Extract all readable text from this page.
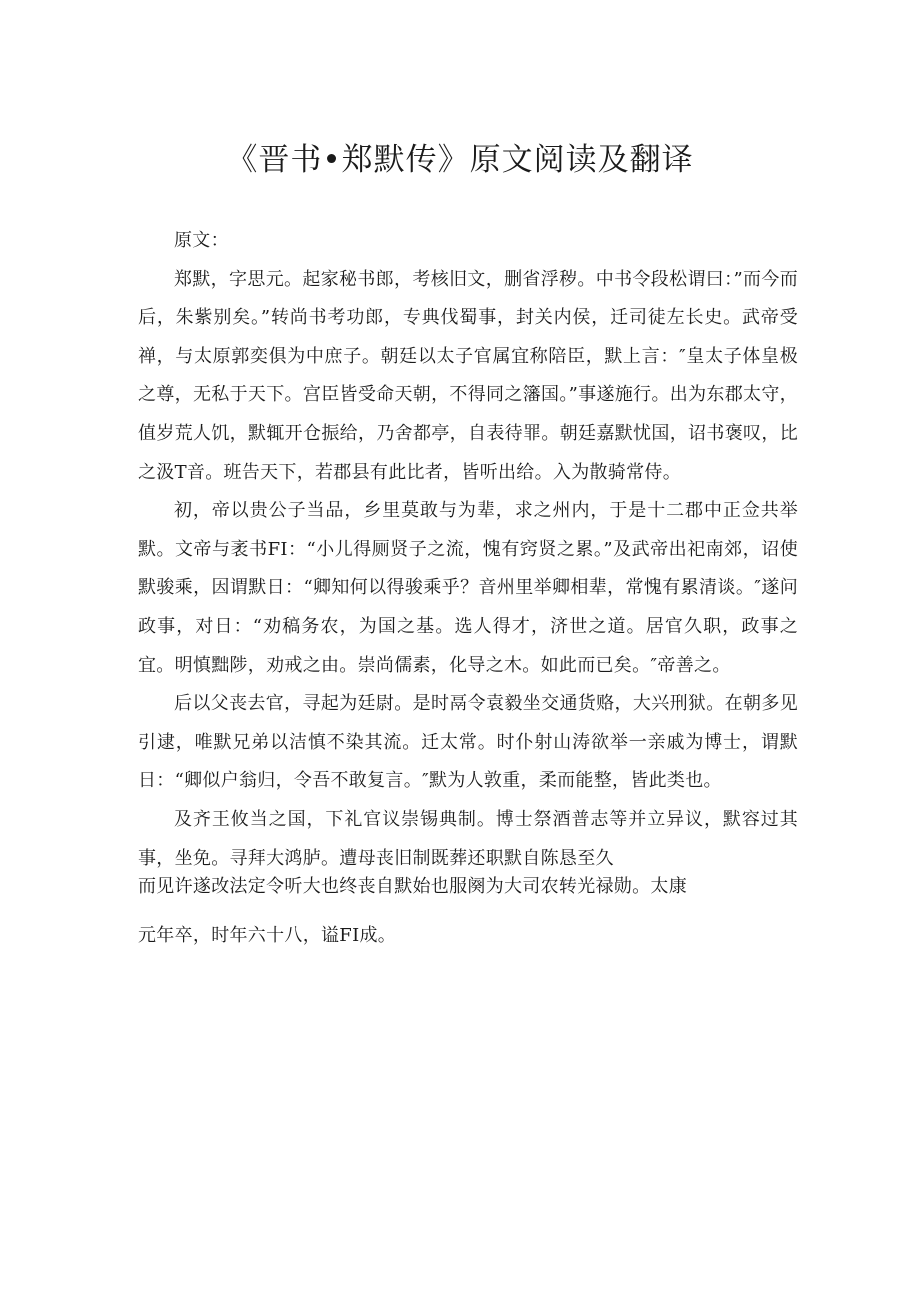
《晋书•郑默传》原文阅读及翻译

原文：

郑默，字思元。起家秘书郎，考核旧文，删省浮秽。中书令段松谓曰：”而今而后，朱紫别矣。”转尚书考功郎，专典伐蜀事，封关内侯，迁司徒左长史。武帝受禅，与太原郭奕俱为中庶子。朝廷以太子官属宜称陪臣，默上言：″皇太子体皇极之尊，无私于天下。宫臣皆受命天朝，不得同之籓国。”事遂施行。出为东郡太守，值岁荒人饥，默辄开仓振给，乃舍都亭，自表待罪。朝廷嘉默忧国，诏书褒叹，比之汲T音。班告天下，若郡县有此比者，皆听出给。入为散骑常侍。

初，帝以贵公子当品，乡里莫敢与为辈，求之州内，于是十二郡中正佥共举默。文帝与袤书FI：“小儿得厕贤子之流，愧有窍贤之累。”及武帝出祀南郊，诏使默骏乘，因谓默日：“卿知何以得骏乘乎？音州里举卿相辈，常愧有累清谈。″遂问政事，对日：“劝稿务农，为国之基。选人得才，济世之道。居官久职，政事之宜。明慎黜陟，劝戒之由。崇尚儒素，化导之木。如此而已矣。″帝善之。

后以父丧去官，寻起为廷尉。是时鬲令袁毅坐交通货赂，大兴刑狱。在朝多见引逮，唯默兄弟以洁慎不染其流。迁太常。时仆射山涛欲举一亲戚为博士，谓默日：“卿似户翁归，令吾不敢复言。″默为人敦重，柔而能整，皆此类也。

及齐王攸当之国，下礼官议崇锡典制。博士祭酒普志等并立异议，默容过其事，坐免。寻拜大鸿胪。遭母丧旧制既葬还职默自陈恳至久

而见许遂改法定令听大也终丧自默始也服阕为大司农转光禄勋。太康

元年卒，时年六十八，谥FI成。
